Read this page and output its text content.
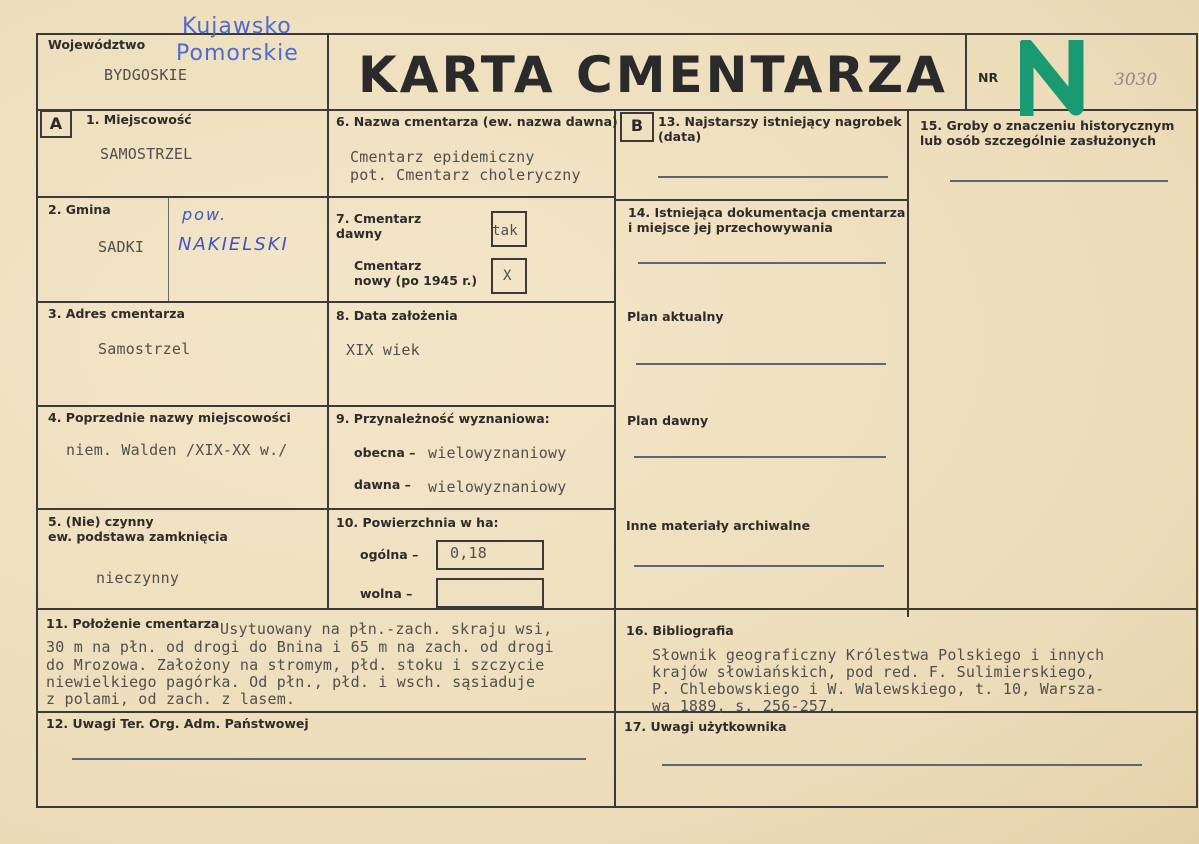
Województwo
BYDGOSKIE
Kujawsko
Pomorskie KARTA CMENTARZA NR	3030
A	1. Miejscowość
SAMOSTRZEL
2. Gmina
SADKI
pow.
NAKIELSKI
3. Adres cmentarza
Samostrzel
4. Poprzednie nazwy miejscowości
niem. Walden /XIX-XX w./
5. (Nie) czynny
ew. podstawa zamknięcia
nieczynny
6. Nazwa cmentarza (ew. nazwa dawna)
Cmentarz epidemiczny
pot. Cmentarz choleryczny
7. Cmentarz
dawny	tak
Cmentarz
nowy (po 1945 r.) X
8. Data założenia
XIX wiek
9. Przynależność wyznaniowa:
obecna – wielowyznaniowy
dawna – wielowyznaniowy
10. Powierzchnia w ha:
ogólna – 0,18
wolna –
B	13. Najstarszy istniejący nagrobek
(data)
14. Istniejąca dokumentacja cmentarza
i miejsce jej przechowywania
Plan aktualny
Plan dawny
Inne materiały archiwalne
15. Groby o znaczeniu historycznym
lub osób szczególnie zasłużonych
11. Położenie cmentarza Usytuowany na płn.-zach. skraju wsi,
30 m na płn. od drogi do Bnina i 65 m na zach. od drogi
do Mrozowa. Założony na stromym, płd. stoku i szczycie
niewielkiego pagórka. Od płn., płd. i wsch. sąsiaduje
z polami, od zach. z lasem.
16. Bibliografia
Słownik geograficzny Królestwa Polskiego i innych
krajów słowiańskich, pod red. F. Sulimierskiego,
P. Chlebowskiego i W. Walewskiego, t. 10, Warsza-
wa 1889, s. 256-257.
12. Uwagi Ter. Org. Adm. Państwowej	17. Uwagi użytkownika
